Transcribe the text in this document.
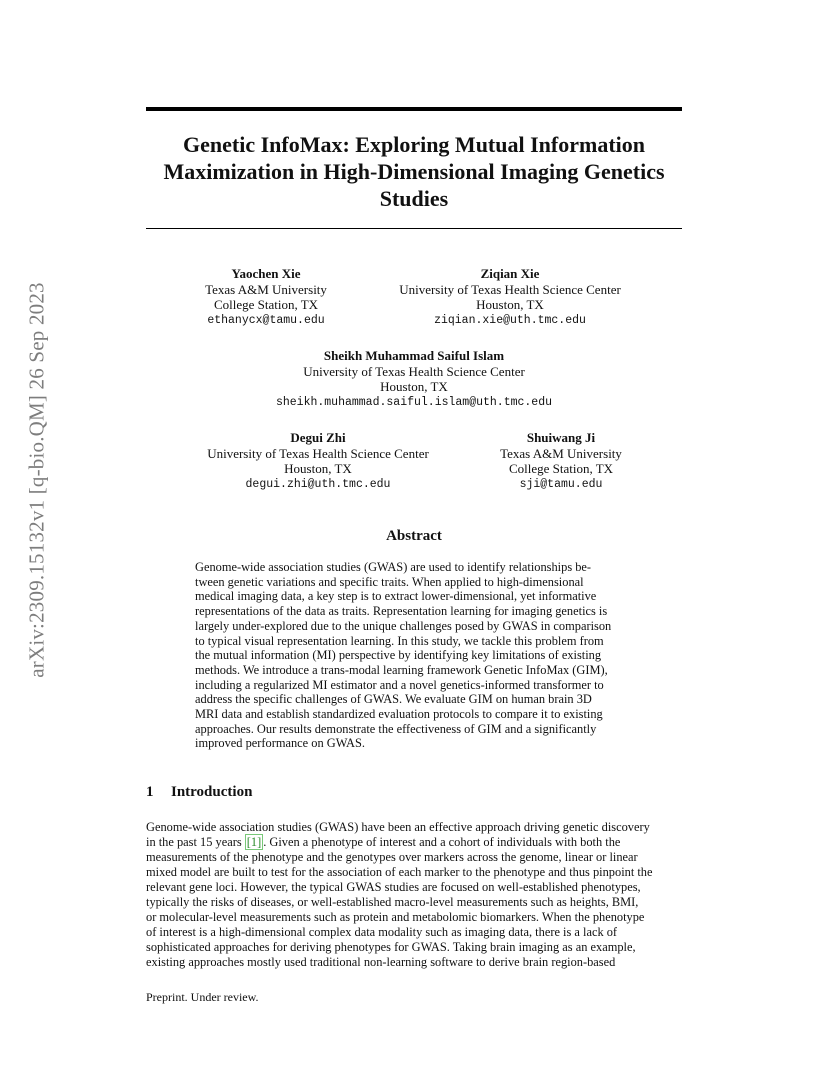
Genetic InfoMax: Exploring Mutual Information
Maximization in High-Dimensional Imaging Genetics
Studies
arXiv:2309.15132v1 [q-bio.QM] 26 Sep 2023
Yaochen Xie
Texas A&M University
College Station, TX
ethanycx@tamu.edu
Ziqian Xie
University of Texas Health Science Center
Houston, TX
ziqian.xie@uth.tmc.edu
Sheikh Muhammad Saiful Islam
University of Texas Health Science Center
Houston, TX
sheikh.muhammad.saiful.islam@uth.tmc.edu
Degui Zhi
University of Texas Health Science Center
Houston, TX
degui.zhi@uth.tmc.edu
Shuiwang Ji
Texas A&M University
College Station, TX
sji@tamu.edu
Abstract
Genome-wide association studies (GWAS) are used to identify relationships be-
tween genetic variations and specific traits. When applied to high-dimensional
medical imaging data, a key step is to extract lower-dimensional, yet informative
representations of the data as traits. Representation learning for imaging genetics is
largely under-explored due to the unique challenges posed by GWAS in comparison
to typical visual representation learning. In this study, we tackle this problem from
the mutual information (MI) perspective by identifying key limitations of existing
methods. We introduce a trans-modal learning framework Genetic InfoMax (GIM),
including a regularized MI estimator and a novel genetics-informed transformer to
address the specific challenges of GWAS. We evaluate GIM on human brain 3D
MRI data and establish standardized evaluation protocols to compare it to existing
approaches. Our results demonstrate the effectiveness of GIM and a significantly
improved performance on GWAS.
1 Introduction
Genome-wide association studies (GWAS) have been an effective approach driving genetic discovery
in the past 15 years [1] . Given a phenotype of interest and a cohort of individuals with both the
measurements of the phenotype and the genotypes over markers across the genome, linear or linear
mixed model are built to test for the association of each marker to the phenotype and thus pinpoint the
relevant gene loci. However, the typical GWAS studies are focused on well-established phenotypes,
typically the risks of diseases, or well-established macro-level measurements such as heights, BMI,
or molecular-level measurements such as protein and metabolomic biomarkers. When the phenotype
of interest is a high-dimensional complex data modality such as imaging data, there is a lack of
sophisticated approaches for deriving phenotypes for GWAS. Taking brain imaging as an example,
existing approaches mostly used traditional non-learning software to derive brain region-based
Preprint. Under review.
